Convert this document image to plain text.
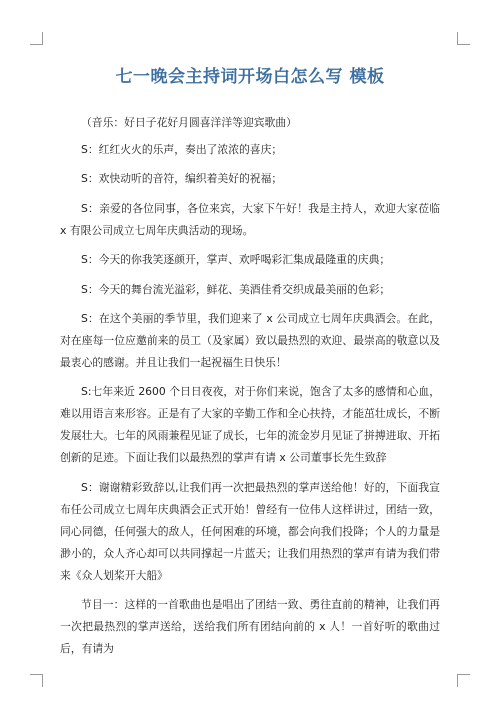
七一晚会主持词开场白怎么写 模板

（音乐：好日子花好月圆喜洋洋等迎宾歌曲）

S：红红火火的乐声，奏出了浓浓的喜庆；

S：欢快动听的音符，编织着美好的祝福；

S：亲爱的各位同事，各位来宾，大家下午好！我是主持人，欢迎大家莅临 x 有限公司成立七周年庆典活动的现场。

S：今天的你我笑逐颜开，掌声、欢呼喝彩汇集成最隆重的庆典；

S：今天的舞台流光溢彩，鲜花、美酒佳肴交织成最美丽的色彩；

S：在这个美丽的季节里，我们迎来了 x 公司成立七周年庆典酒会。在此，对在座每一位应邀前来的员工（及家属）致以最热烈的欢迎、最崇高的敬意以及最衷心的感谢。并且让我们一起祝福生日快乐！

S:七年来近 2600 个日日夜夜，对于你们来说，饱含了太多的感情和心血，难以用语言来形容。正是有了大家的辛勤工作和全心扶持，才能茁壮成长，不断发展壮大。七年的风雨兼程见证了成长，七年的流金岁月见证了拼搏进取、开拓创新的足迹。下面让我们以最热烈的掌声有请 x 公司董事长先生致辞

S：谢谢精彩致辞以,让我们再一次把最热烈的掌声送给他！好的，下面我宣布任公司成立七周年庆典酒会正式开始！曾经有一位伟人这样讲过，团结一致，同心同德，任何强大的敌人，任何困难的环境，都会向我们投降；个人的力量是渺小的，众人齐心却可以共同撑起一片蓝天；让我们用热烈的掌声有请为我们带来《众人划桨开大船》

节目一：这样的一首歌曲也是唱出了团结一致、勇往直前的精神，让我们再一次把最热烈的掌声送给，送给我们所有团结向前的 x 人！一首好听的歌曲过后，有请为
